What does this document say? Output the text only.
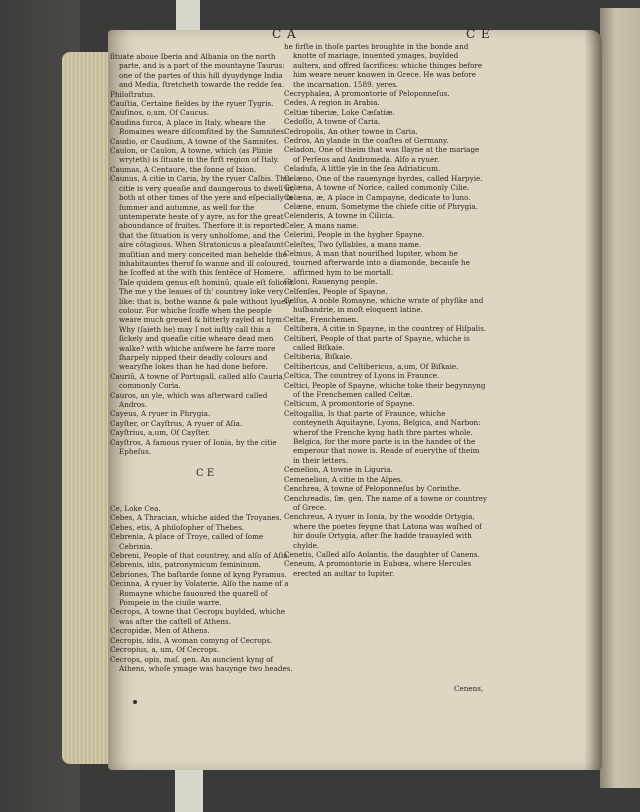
C A	C E

ſituate aboue Iberia and Albania on the north parte, and is a part of the mountayne Taurus: one of the partes of this hill dyuydynge India and Media, ſtretcheth towarde the redde ſea.

Philoſtratus.

Cauſtia, Certaine fieldes by the ryuer Tygris.

Cauſinos, o,um, Of Caucus.

Caudina furca, A place in Italy, wheare the Romaines weare diſcomfited by the Samnites.

Caudio, or Caudium, A towne of the Samnites.

Caulon, or Caulon, A towne, which (as Plinie wryteth) is ſituate in the firſt region of Italy.

Caumas, A Centaure, the ſonne of Ixion.

Caunus, A citie in Caria, by the ryuer Calbis. This citie is very queaſie and daungerous to dwell in, both at other times of the yere and eſpecially in ſummer and autumne, as well for the untemperate heate of y ayre, as for the great aboundance of fruites. Therfore it is reported that the ſituation is very unholſome, and the aire côtagious. When Stratonicus a pleaſaunt muſitian and mery conceited man behelde the inhabitauntes therof ſo wanne and ill coloured, he ſcoffed at the with this ſentēce of Homere, Tale quidem genus eſt hominū, quale eſt foliorū. The me y the leaues of th' countrey loke very like: that is, bothe wanne & pale without lyuely colour. For whiche ſcoffe when the people weare much greued & bitterly rayled at hym: Why (ſaieth he) may I not iuſtly call this a ſickely and queaſie citie wheare dead men walke? with whiche anſwere he farre more ſharpely nipped their deadly colours and wearyſhe lokes than he had done before.

Cauriũ, A towne of Portugall, called alſo Cauria, commonly Coria.

Cauros, an yle, which was afterward called Andros.

Cayeus, A ryuer in Phrygia.

Cayſter, or Cayſtrus, A ryuer of Aſia.

Cayſtrius, a,um, Of Cayſter.

Cayſtros, A famous ryuer of Ionia, by the citie Epheſus.

C E

Ce, Loke Cea.

Cebes, A Thracian, whiche aided the Troyanes.

Cebes, etis, A philoſopher of Thebes.

Cebrenia, A place of Troye, called of ſome Cebrinia.

Cebreni, People of that countrey, and alſo of Aſia.

Cebrenis, idis, patronymicum femininum.

Cebriones, The baſtarde ſonne of kyng Pyramus.

Cecinna, A ryuer by Volaterie. Alſo the name of a Romayne whiche fauoured the quarell of Pompeie in the ciuile warre.

Cecrops, A towne that Cecrops buylded, whiche was after the caſtell of Athens.

Cecropidæ, Men of Athens.

Cecropis, idis, A woman comyng of Cecrops.

Cecropius, a, um, Of Cecrops.

Cecrops, opis, maſ. gen. An auncient kyng of Athens, whoſe ymage was hauynge two heades.

he firſte in thoſe partes broughte in the bonde and knotte of mariage, inuented ymages, buylded aulters, and offred ſacrifices: whiche thinges before him weare neuer knowen in Grece. He was before the incarnation. 1589. yeres.

Cecryphalea, A promontorie of Peloponneſus.

Cedes, A region in Arabia.

Celtiæ tiberiæ, Loke Cæſatiæ.

Cedoſſo, A towne of Caria.

Cedropolis, An other towne in Caria.

Cedros, An ylande in the coaſtes of Germany.

Celadon, One of theim that was ſlayne at the mariage of Perſeus and Andromeda. Alſo a ryuer.

Celadufa, A little yle in the ſea Adriaticum.

Celæno, One of the rauenynge byrdes, called Harpyie.

Celæna, A towne of Norice, called commonly Cilie.

Celæna, æ, A place in Campayne, dedicate to Iuno.

Celæne, enum, Sometyme the chiefe citie of Phrygia.

Celenderis, A towne in Cilicia.

Celer, A mans name.

Celerini, People in the hygher Spayne.

Celeſtes, Two ſyllables, a mans name.

Celmus, A man that nouriſhed Iupiter, whom he tourned afterwarde into a diamonde, becauſe he affirmed hym to be mortall.

Celoni, Rauenyng people.

Celſenſes, People of Spayne.

Celſus, A noble Romayne, whiche wrate of phyſike and huſbandrie, in moſt eloquent latine.

Celtæ, Frenchemen.

Celtibera, A citie in Spayne, in the countrey of Hiſpalis.

Celtiberi, People of that parte of Spayne, whiche is called Biſkaie.

Celtiberia, Biſkaie.

Celtibericus, and Celtibericus, a,um, Of Biſkaie.

Celtica, The countrey of Lyons in Fraunce.

Celtici, People of Spayne, whiche toke their begynnyng of the Frenchemen called Celtæ.

Celticum, A promontorie of Spayne.

Celtogallia, Is that parte of Fraunce, whiche conteyneth Aquitayne, Lyons, Belgica, and Narbon: wherof the Frenche kyng hath thre partes whole. Belgica, for the more parte is in the handes of the emperour that nowe is. Reade of euerythe of theim in their letters.

Cemelion, A towne in Liguria.

Cemenelion, A citie in the Alpes.

Cenchrea, A towne of Peloponneſus by Corinthe.

Cenchreadis, ſæ. gen. The name of a towne or countrey of Grece.

Cenchreus, A ryuer in Ionia, by the woodde Ortygia, where the poetes feygne that Latona was waſhed of hir douſe Ortygia, after ſhe hadde trauayled with chylde.

Cenetis, Called alſo Aolantis, the daughter of Canens.

Ceneum, A promontorie in Eubœa, where Hercules erected an aultar to Iupiter.

Cenens,
